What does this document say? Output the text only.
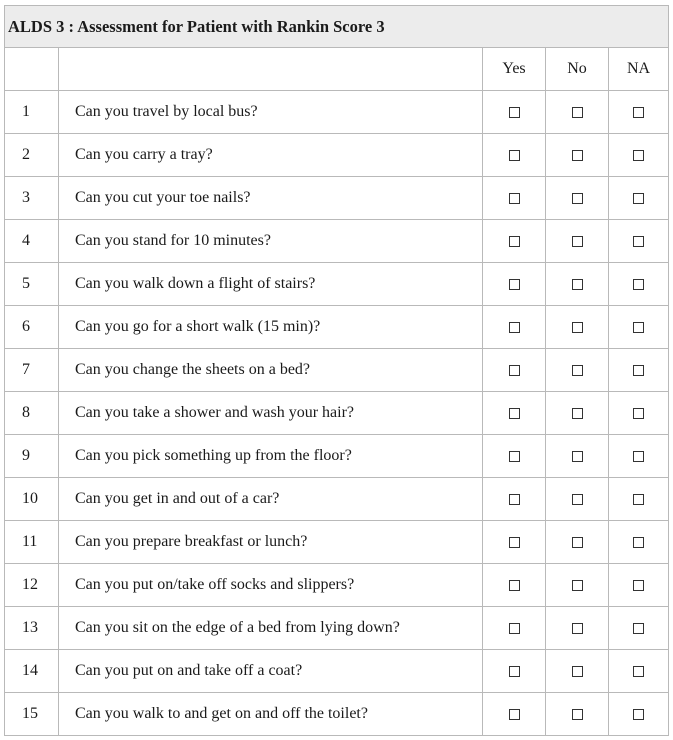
ALDS 3 : Assessment for Patient with Rankin Score 3				
		Yes	No	NA
1	Can you travel by local bus?			
2	Can you carry a tray?			
3	Can you cut your toe nails?			
4	Can you stand for 10 minutes?			
5	Can you walk down a flight of stairs?			
6	Can you go for a short walk (15 min)?			
7	Can you change the sheets on a bed?			
8	Can you take a shower and wash your hair?			
9	Can you pick something up from the floor?			
10	Can you get in and out of a car?			
11	Can you prepare breakfast or lunch?			
12	Can you put on/take off socks and slippers?			
13	Can you sit on the edge of a bed from lying down?			
14	Can you put on and take off a coat?			
15	Can you walk to and get on and off the toilet?			
